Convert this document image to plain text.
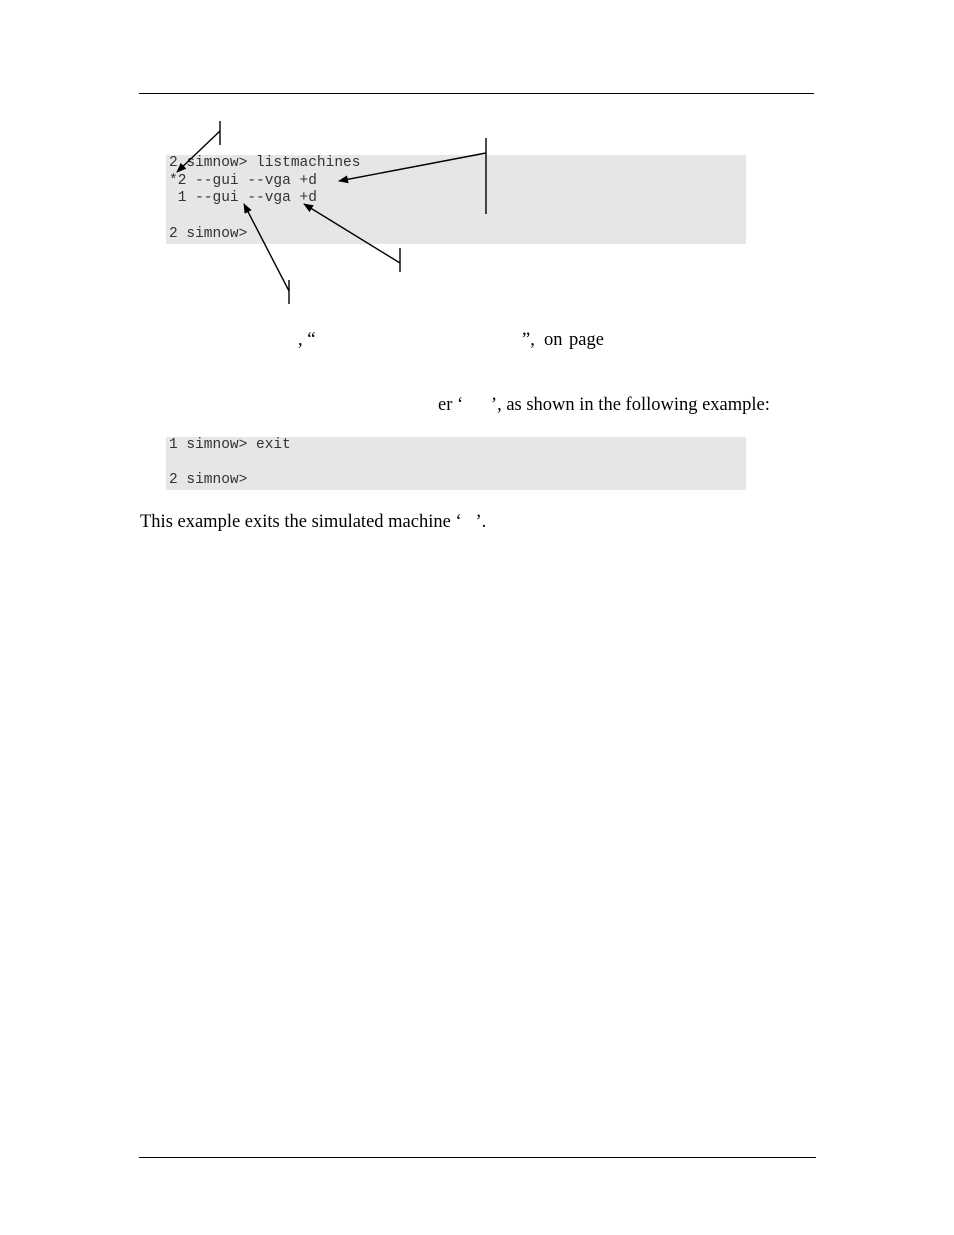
2 simnow> listmachines
*2 --gui --vga +d
1 --gui --vga +d
2 simnow>
, “	”, on page
er ‘      ’, as shown in the following example:
1 simnow> exit
2 simnow>
This example exits the simulated machine ‘   ’.
